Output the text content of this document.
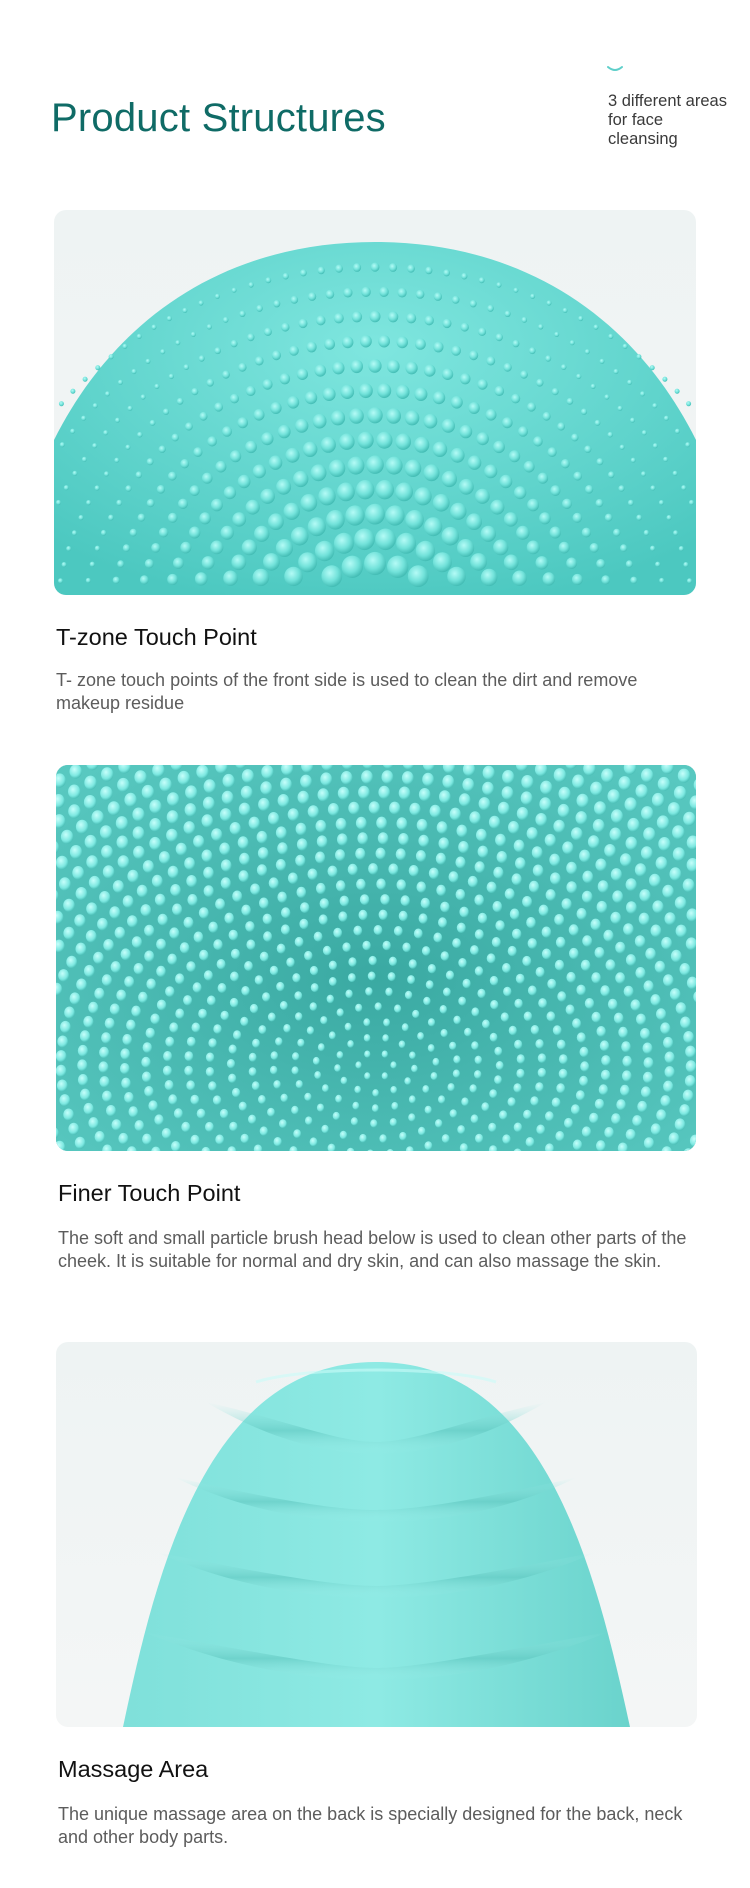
Product Structures	3 different areas for face cleansing
T-zone Touch Point

T- zone touch points of the front side is used to clean the dirt and remove makeup residue

Finer Touch Point

The soft and small particle brush head below is used to clean other parts of the cheek. It is suitable for normal and dry skin, and can also massage the skin.

Massage Area

The unique massage area on the back is specially designed for the back, neck and other body parts.
